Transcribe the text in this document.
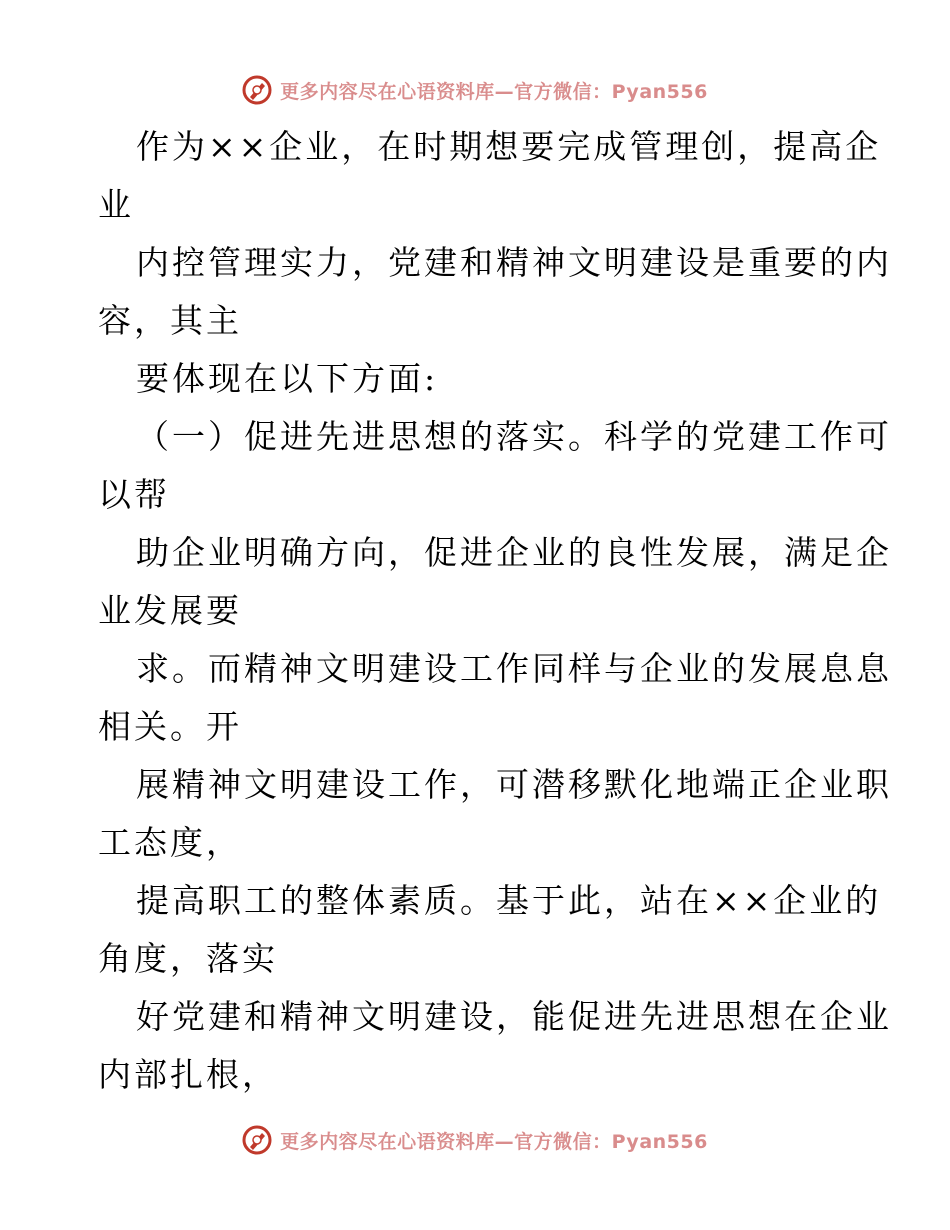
更多内容尽在心语资料库—官方微信：Pyan556
作为××企业，在时期想要完成管理创，提高企
业
内控管理实力，党建和精神文明建设是重要的内
容，其主
要体现在以下方面:
（一）促进先进思想的落实。科学的党建工作可
以帮
助企业明确方向，促进企业的良性发展，满足企
业发展要
求。而精神文明建设工作同样与企业的发展息息
相关。开
展精神文明建设工作，可潜移默化地端正企业职
工态度，
提高职工的整体素质。基于此，站在××企业的
角度，落实
好党建和精神文明建设，能促进先进思想在企业
内部扎根，
更多内容尽在心语资料库—官方微信：Pyan556
